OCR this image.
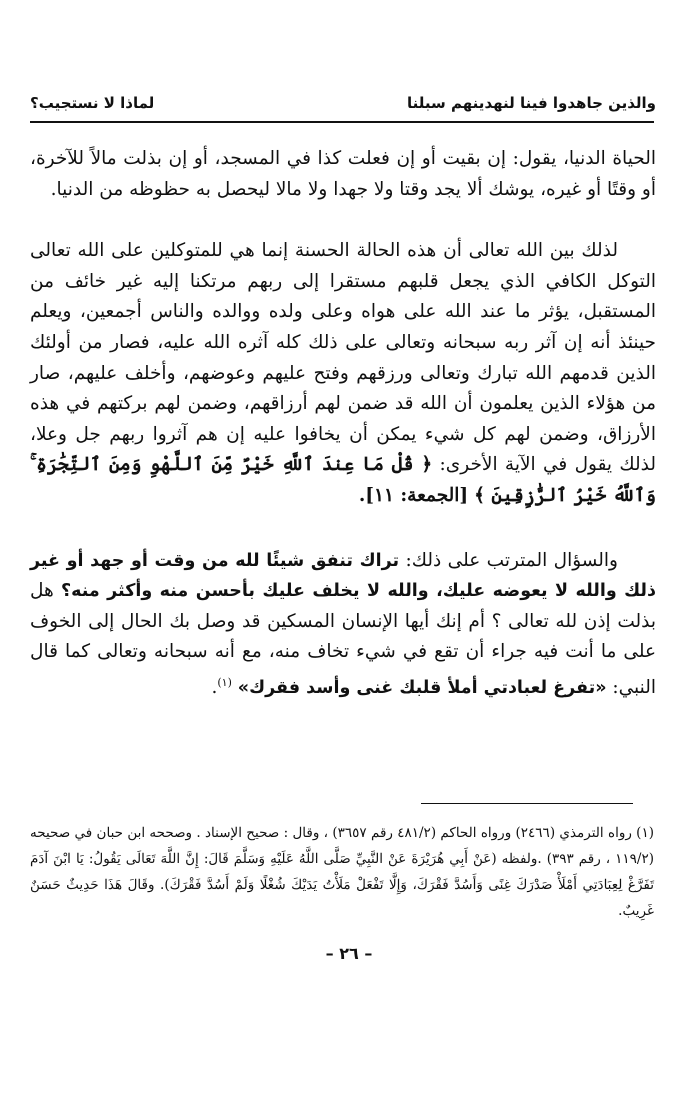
والذين جاهدوا فينا لنهدينهم سبلنا
لماذا لا نستجيب؟

الحياة الدنيا، يقول: إن بقيت أو إن فعلت كذا في المسجد، أو إن بذلت مالاً للآخرة، أو وقتًا أو غيره، يوشك ألا يجد وقتا ولا جهدا ولا مالا ليحصل به حظوظه من الدنيا.

لذلك بين الله تعالى أن هذه الحالة الحسنة إنما هي للمتوكلين على الله تعالى التوكل الكافي الذي يجعل قلبهم مستقرا إلى ربهم مرتكنا إليه غير خائف من المستقبل، يؤثر ما عند الله على هواه وعلى ولده ووالده والناس أجمعين، ويعلم حينئذ أنه إن آثر ربه سبحانه وتعالى على ذلك كله آثره الله عليه، فصار من أولئك الذين قدمهم الله تبارك وتعالى ورزقهم وفتح عليهم وعوضهم، وأخلف عليهم، صار من هؤلاء الذين يعلمون أن الله قد ضمن لهم أرزاقهم، وضمن لهم بركتهم في هذه الأرزاق، وضمن لهم كل شيء يمكن أن يخافوا عليه إن هم آثروا ربهم جل وعلا، لذلك يقول في الآية الأخرى: ﴿ قُلْ مَا عِندَ ٱللَّهِ خَيْرٌ مِّنَ ٱللَّهْوِ وَمِنَ ٱلتِّجَٰرَةِ ۚ وَٱللَّهُ خَيْرُ ٱلرَّٰزِقِينَ ﴾ [الجمعة: ١١].

والسؤال المترتب على ذلك: تراك تنفق شيئًا لله من وقت أو جهد أو غير ذلك والله لا يعوضه عليك، والله لا يخلف عليك بأحسن منه وأكثر منه؟ هل بذلت إذن لله تعالى ؟ أم إنك أيها الإنسان المسكين قد وصل بك الحال إلى الخوف على ما أنت فيه جراء أن تقع في شيء تخاف منه، مع أنه سبحانه وتعالى كما قال النبي: «تفرغ لعبادتي أملأ قلبك غنى وأسد فقرك» $^{(١)}$.

(١) رواه الترمذي (٢٤٦٦) ورواه الحاكم (٤٨١/٢ رقم ٣٦٥٧) ، وقال : صحيح الإسناد . وصححه ابن حبان في صحيحه (١١٩/٢ ، رقم ٣٩٣) .ولفظه (عَنْ أَبِي هُرَيْرَةَ عَنْ النَّبِيِّ صَلَّى اللَّهُ عَلَيْهِ وَسَلَّمَ قَالَ: إِنَّ اللَّهَ تَعَالَى يَقُولُ: يَا ابْنَ آدَمَ تَفَرَّغْ لِعِبَادَتِي أَمْلَأْ صَدْرَكَ غِنًى وَأَسُدَّ فَقْرَكَ، وَإِلَّا تَفْعَلْ مَلَأْتُ يَدَيْكَ شُغْلًا وَلَمْ أَسُدَّ فَقْرَكَ). وقَالَ هَذَا حَدِيثٌ حَسَنٌ غَرِيبٌ.

– ٢٦ –
